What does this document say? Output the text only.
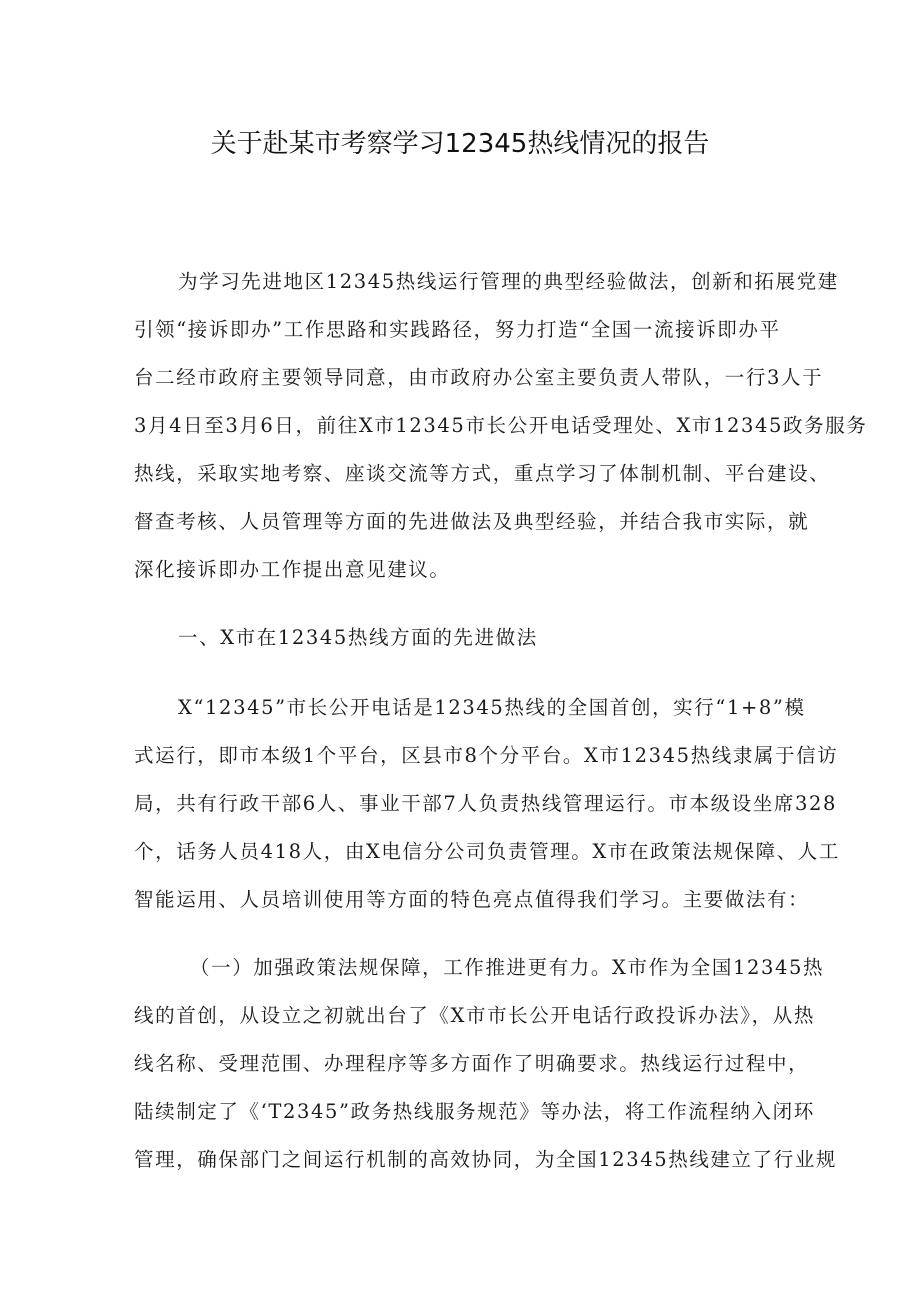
关于赴某市考察学习12345热线情况的报告
为学习先进地区12345热线运行管理的典型经验做法，创新和拓展党建
引领“接诉即办”工作思路和实践路径，努力打造“全国一流接诉即办平
台二经市政府主要领导同意，由市政府办公室主要负责人带队，一行3人于
3月4日至3月6日，前往X市12345市长公开电话受理处、X市12345政务服务
热线，采取实地考察、座谈交流等方式，重点学习了体制机制、平台建设、
督查考核、人员管理等方面的先进做法及典型经验，并结合我市实际，就
深化接诉即办工作提出意见建议。

一、X市在12345热线方面的先进做法

X“12345”市长公开电话是12345热线的全国首创，实行“1+8”模
式运行，即市本级1个平台，区县市8个分平台。X市12345热线隶属于信访
局，共有行政干部6人、事业干部7人负责热线管理运行。市本级设坐席328
个，话务人员418人，由X电信分公司负责管理。X市在政策法规保障、人工
智能运用、人员培训使用等方面的特色亮点值得我们学习。主要做法有：
（一）加强政策法规保障，工作推进更有力。X市作为全国12345热
线的首创，从设立之初就出台了《X市市长公开电话行政投诉办法》，从热
线名称、受理范围、办理程序等多方面作了明确要求。热线运行过程中，
陆续制定了《‘T2345”政务热线服务规范》等办法，将工作流程纳入闭环
管理，确保部门之间运行机制的高效协同，为全国12345热线建立了行业规
